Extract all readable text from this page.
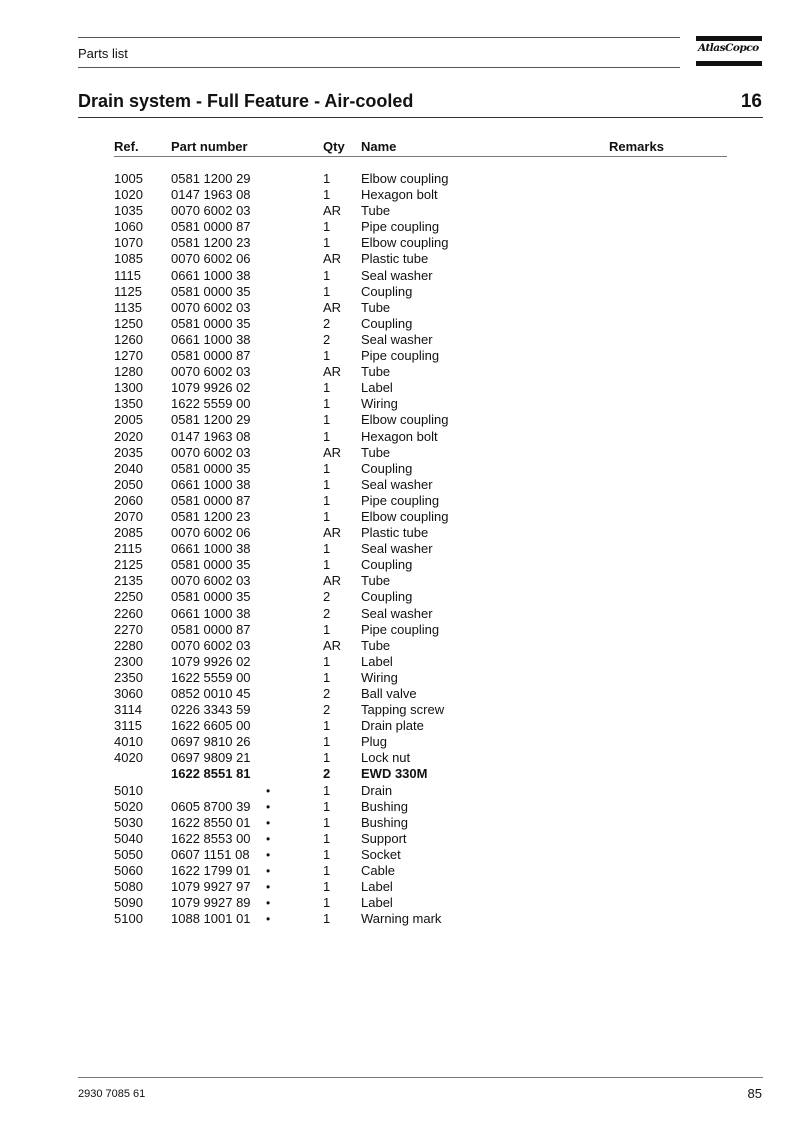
Parts list	AtlasCopco
Drain system - Full Feature - Air-cooled	16
Ref. Part number	Qty Name	Remarks
1005 0581 1200 29	1 Elbow coupling
1020 0147 1963 08	1 Hexagon bolt
1035 0070 6002 03	AR Tube
1060 0581 0000 87	1 Pipe coupling
1070 0581 1200 23	1 Elbow coupling
1085 0070 6002 06	AR Plastic tube
1115 0661 1000 38	1 Seal washer
1125 0581 0000 35	1 Coupling
1135 0070 6002 03	AR Tube
1250 0581 0000 35	2 Coupling
1260 0661 1000 38	2 Seal washer
1270 0581 0000 87	1 Pipe coupling
1280 0070 6002 03	AR Tube
1300 1079 9926 02	1 Label
1350 1622 5559 00	1 Wiring
2005 0581 1200 29	1 Elbow coupling
2020 0147 1963 08	1 Hexagon bolt
2035 0070 6002 03	AR Tube
2040 0581 0000 35	1 Coupling
2050 0661 1000 38	1 Seal washer
2060 0581 0000 87	1 Pipe coupling
2070 0581 1200 23	1 Elbow coupling
2085 0070 6002 06	AR Plastic tube
2115 0661 1000 38	1 Seal washer
2125 0581 0000 35	1 Coupling
2135 0070 6002 03	AR Tube
2250 0581 0000 35	2 Coupling
2260 0661 1000 38	2 Seal washer
2270 0581 0000 87	1 Pipe coupling
2280 0070 6002 03	AR Tube
2300 1079 9926 02	1 Label
2350 1622 5559 00	1 Wiring
3060 0852 0010 45	2 Ball valve
3114 0226 3343 59	2 Tapping screw
3115 1622 6605 00	1 Drain plate
4010 0697 9810 26	1 Plug
4020 0697 9809 21	1 Lock nut
1622 8551 81	2 EWD 330M
5010	•	1 Drain
5020 0605 8700 39 •	1 Bushing
5030 1622 8550 01 •	1 Bushing
5040 1622 8553 00 •	1 Support
5050 0607 1151 08 •	1 Socket
5060 1622 1799 01 •	1 Cable
5080 1079 9927 97 •	1 Label
5090 1079 9927 89 •	1 Label
5100 1088 1001 01 •	1 Warning mark
2930 7085 61	85
